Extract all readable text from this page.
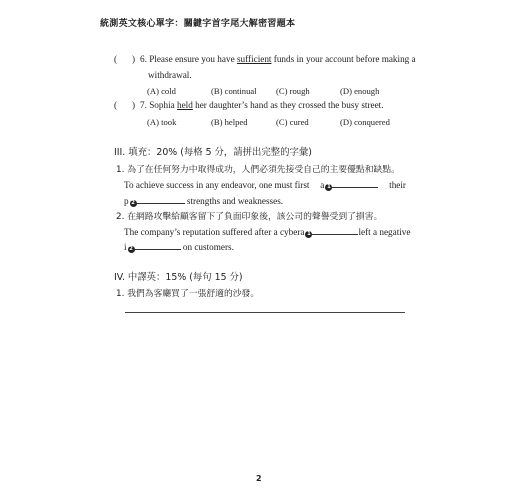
統測英文核心單字：關鍵字首字尾大解密習題本
( ) 6. Please ensure you have sufficient funds in your account before making a
withdrawal.
(A) cold	(B) continual (C) rough	(D) enough
( ) 7. Sophia held her daughter’s hand as they crossed the busy street.
(A) took	(B) helped	(C) cured	(D) conquered
III. 填充：20% (每格 5 分，請拼出完整的字彙)
1. 為了在任何努力中取得成功，人們必須先接受自己的主要優點和缺點。
To achieve success in any endeavor, one must first a 1	their
p 2	strengths and weaknesses.
2. 在網路攻擊給顧客留下了負面印象後，該公司的聲譽受到了損害。
The company’s reputation suffered after a cyber a 1	left a negative
i 2	on customers.
IV. 中譯英：15% (每句 15 分)
1. 我們為客廳買了一張舒適的沙發。
2
